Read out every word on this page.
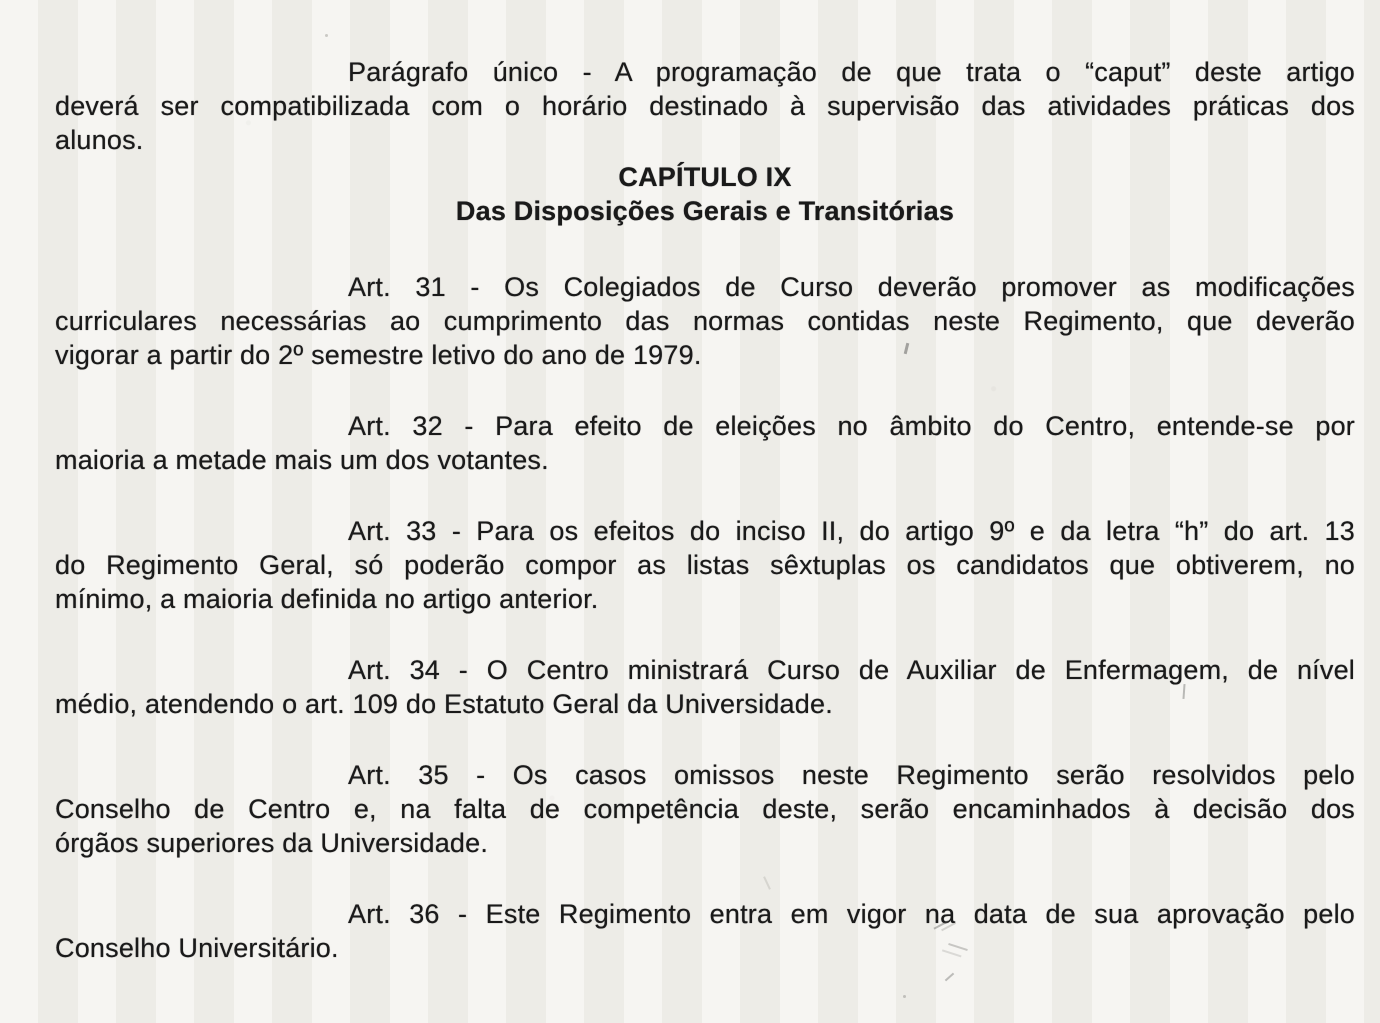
Parágrafo único - A programação de que trata o “caput” deste artigo
deverá ser compatibilizada com o horário destinado à supervisão das atividades práticas dos
alunos.
CAPÍTULO IX
Das Disposições Gerais e Transitórias
Art. 31 - Os Colegiados de Curso deverão promover as modificações
curriculares necessárias ao cumprimento das normas contidas neste Regimento, que deverão
vigorar a partir do 2º semestre letivo do ano de 1979.
Art. 32 - Para efeito de eleições no âmbito do Centro, entende-se por
maioria a metade mais um dos votantes.
Art. 33 - Para os efeitos do inciso II, do artigo 9º e da letra “h” do art. 13
do Regimento Geral, só poderão compor as listas sêxtuplas os candidatos que obtiverem, no
mínimo, a maioria definida no artigo anterior.
Art. 34 - O Centro ministrará Curso de Auxiliar de Enfermagem, de nível
médio, atendendo o art. 109 do Estatuto Geral da Universidade.
Art. 35 - Os casos omissos neste Regimento serão resolvidos pelo
Conselho de Centro e, na falta de competência deste, serão encaminhados à decisão dos
órgãos superiores da Universidade.
Art. 36 - Este Regimento entra em vigor na data de sua aprovação pelo
Conselho Universitário.
